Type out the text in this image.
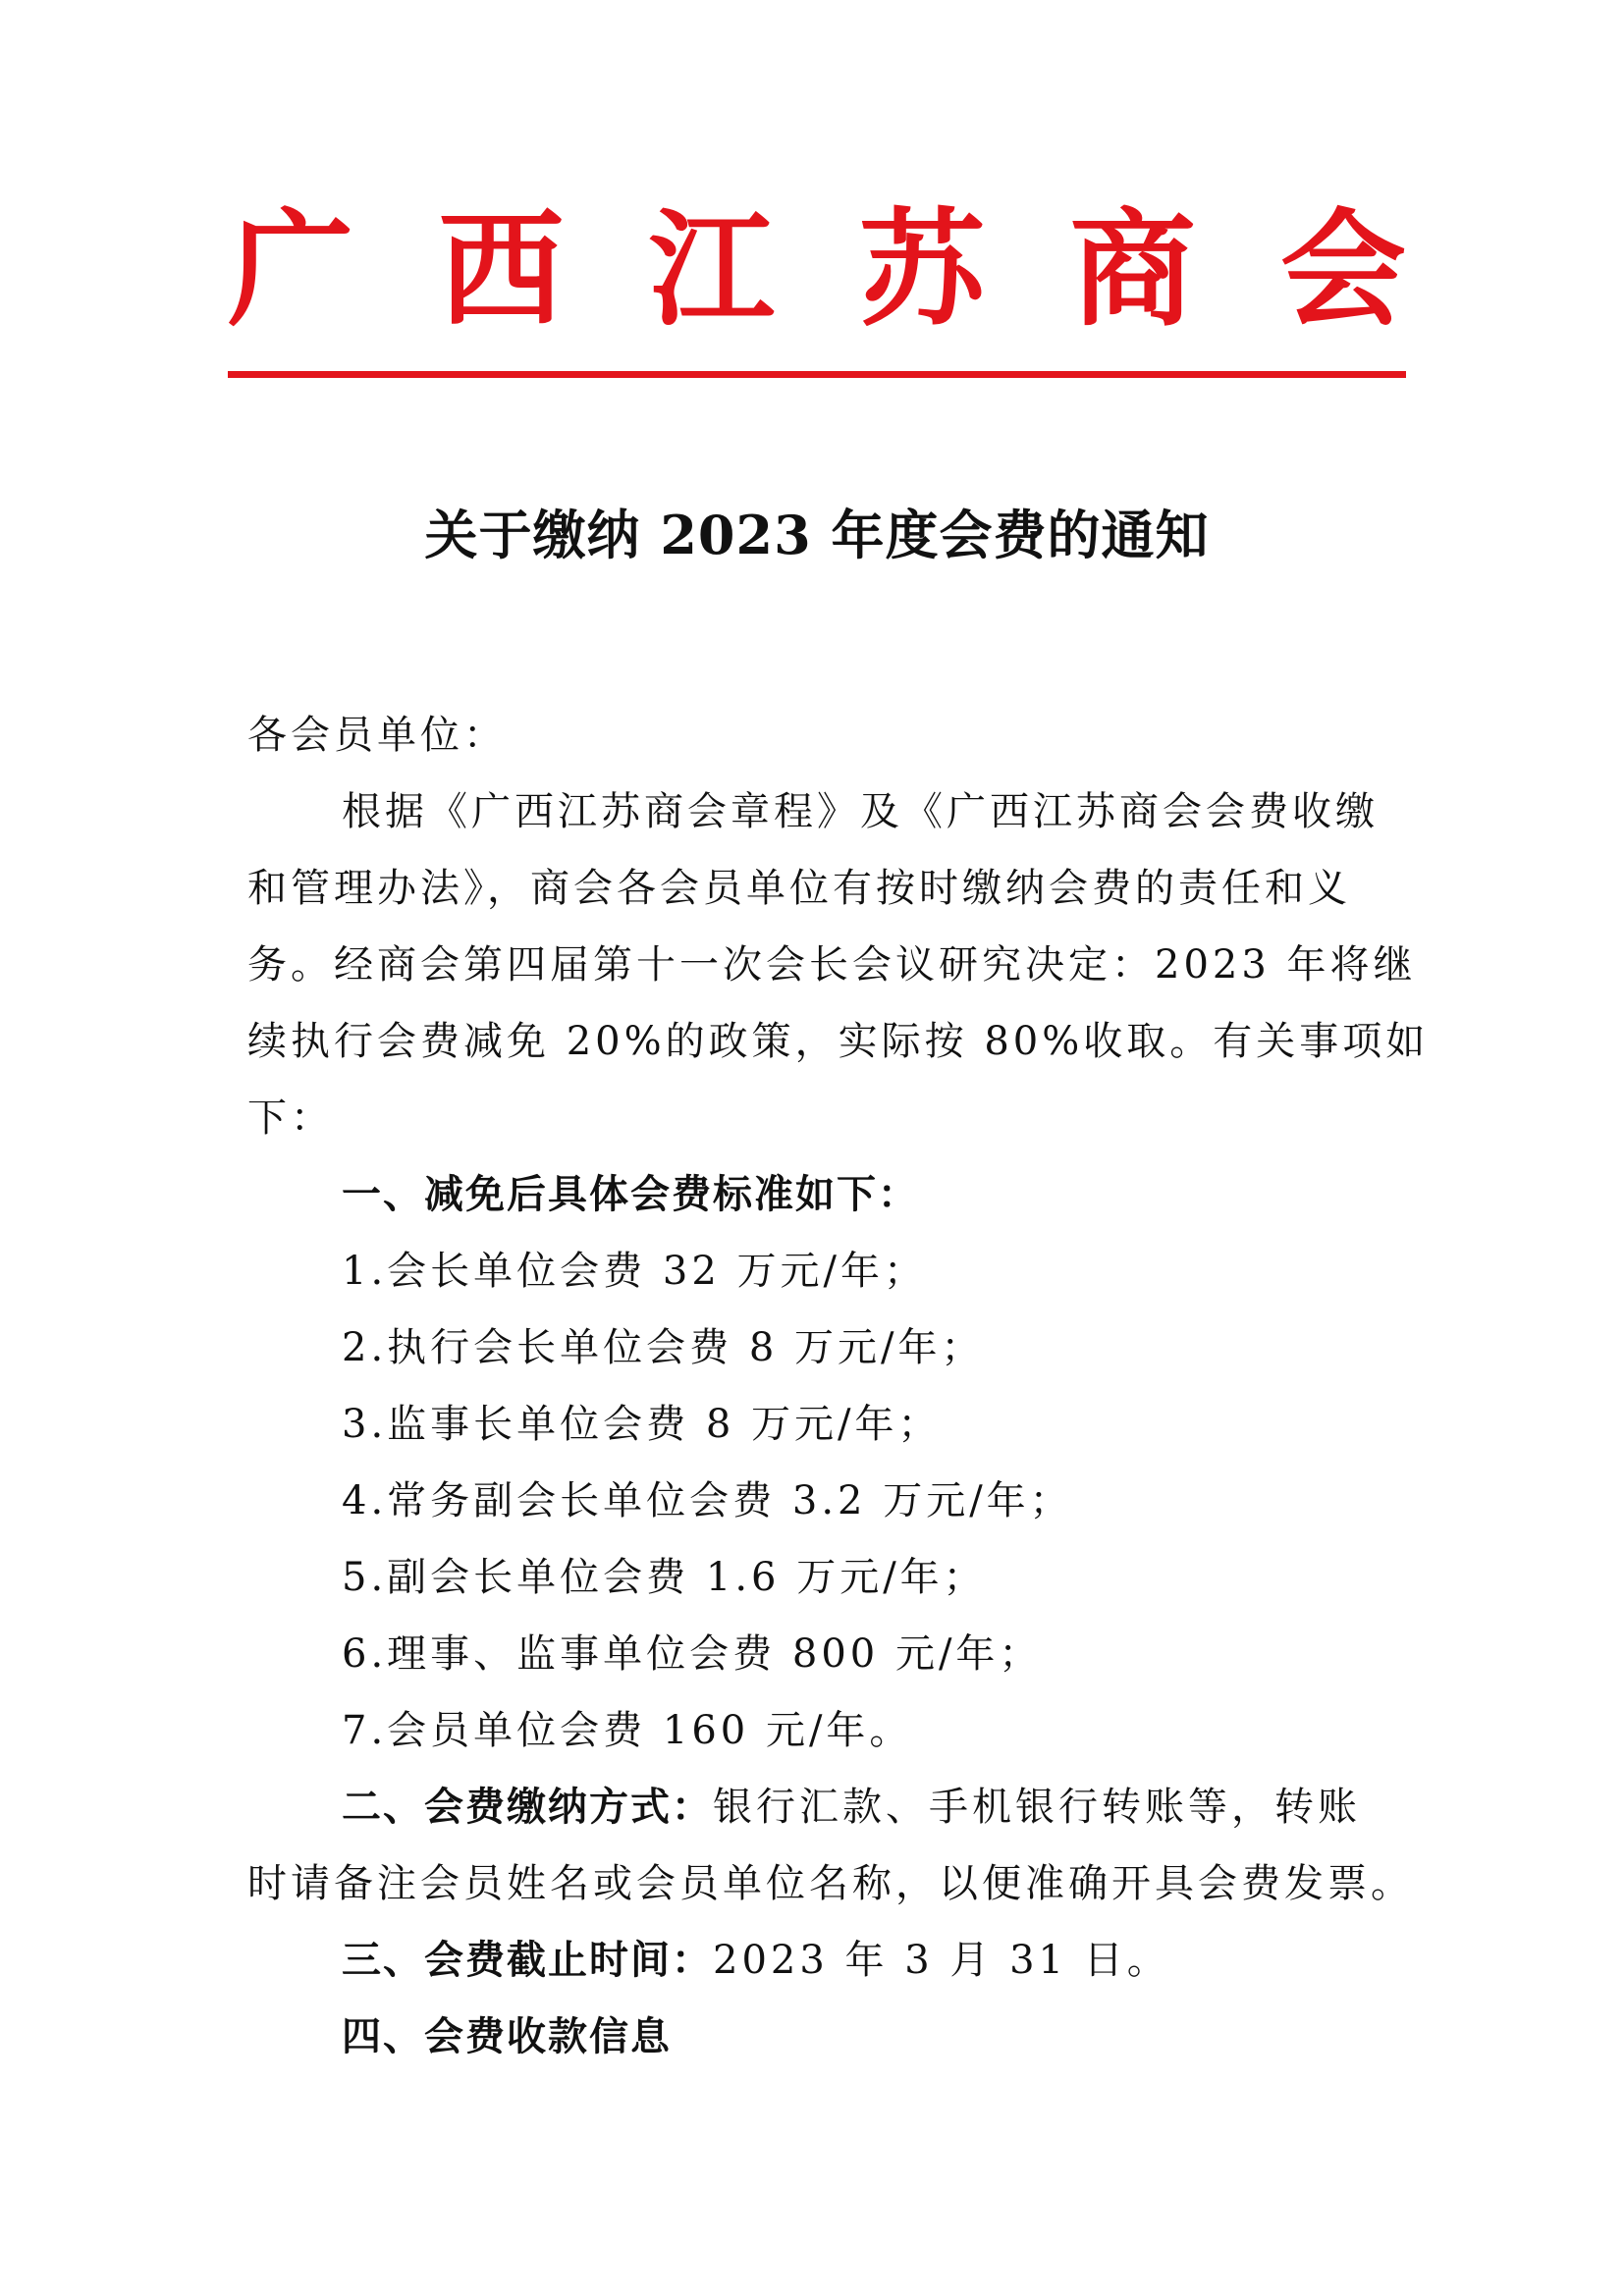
广 西 江 苏 商 会
关于缴纳 2023 年度会费的通知
各会员单位：
根据《广西江苏商会章程》及《广西江苏商会会费收缴
和管理办法》，商会各会员单位有按时缴纳会费的责任和义
务。经商会第四届第十一次会长会议研究决定：2023 年将继
续执行会费减免 20%的政策，实际按 80%收取。有关事项如
下：
一、减免后具体会费标准如下：
1.会长单位会费 32 万元/年；
2.执行会长单位会费 8 万元/年；
3.监事长单位会费 8 万元/年；
4.常务副会长单位会费 3.2 万元/年；
5.副会长单位会费 1.6 万元/年；
6.理事、监事单位会费 800 元/年；
7.会员单位会费 160 元/年。
二、会费缴纳方式：银行汇款、手机银行转账等，转账
时请备注会员姓名或会员单位名称，以便准确开具会费发票。
三、会费截止时间：2023 年 3 月 31 日。
四、会费收款信息
